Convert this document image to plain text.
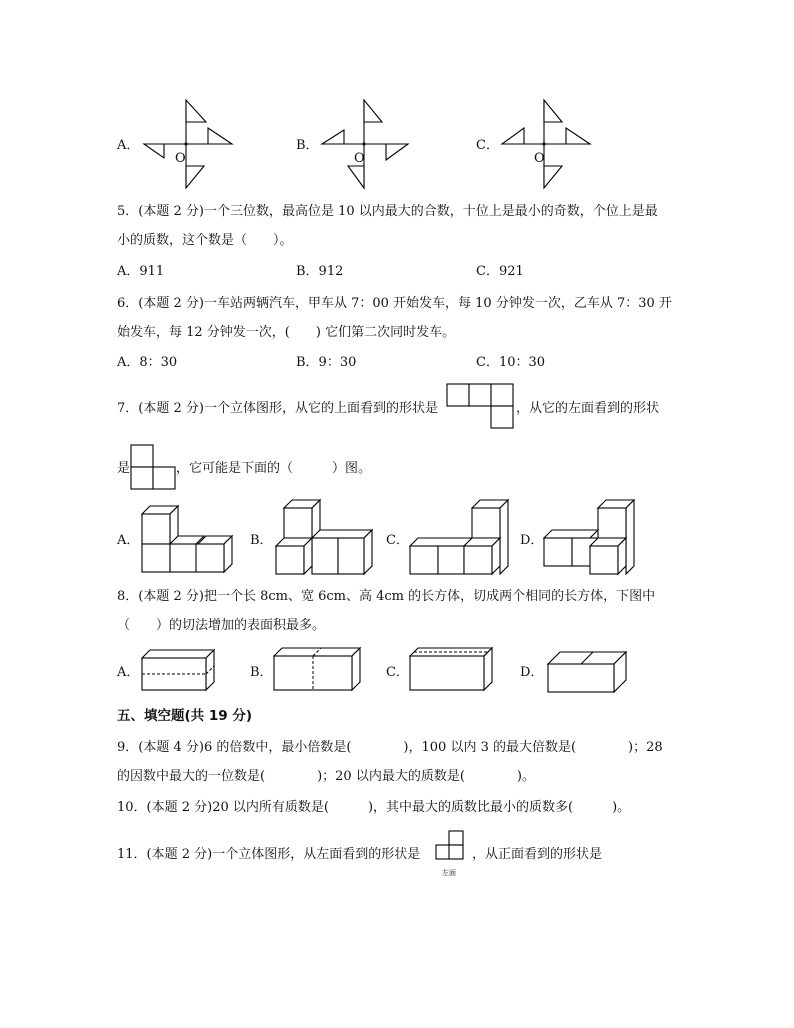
A．
O
B．
O
C．
O
5．(本题 2 分)一个三位数，最高位是 10 以内最大的合数，十位上是最小的奇数，个位上是最
小的质数，这个数是（　　）。
A．911	B．912	C．921
6．(本题 2 分)一车站两辆汽车，甲车从 7：00 开始发车，每 10 分钟发一次，乙车从 7：30 开
始发车，每 12 分钟发一次，(　　) 它们第二次同时发车。
A．8：30	B．9：30	C．10：30
7．(本题 2 分)一个立体图形，从它的上面看到的形状是	，从它的左面看到的形状
是	，它可能是下面的（　　　）图。
A．	B．	C．	D．
8．(本题 2 分)把一个长 8cm、宽 6cm、高 4cm 的长方体，切成两个相同的长方体，下图中
（　　）的切法增加的表面积最多。
A．	B．	C．	D．
五、填空题(共 19 分)
9．(本题 4 分)6 的倍数中，最小倍数是(　　　　)，100 以内 3 的最大倍数是(　　　　)；28
的因数中最大的一位数是(　　　　)；20 以内最大的质数是(　　　　)。
10．(本题 2 分)20 以内所有质数是(　　　)，其中最大的质数比最小的质数多(　　　)。
11．(本题 2 分)一个立体图形，从左面看到的形状是
左面
，从正面看到的形状是
